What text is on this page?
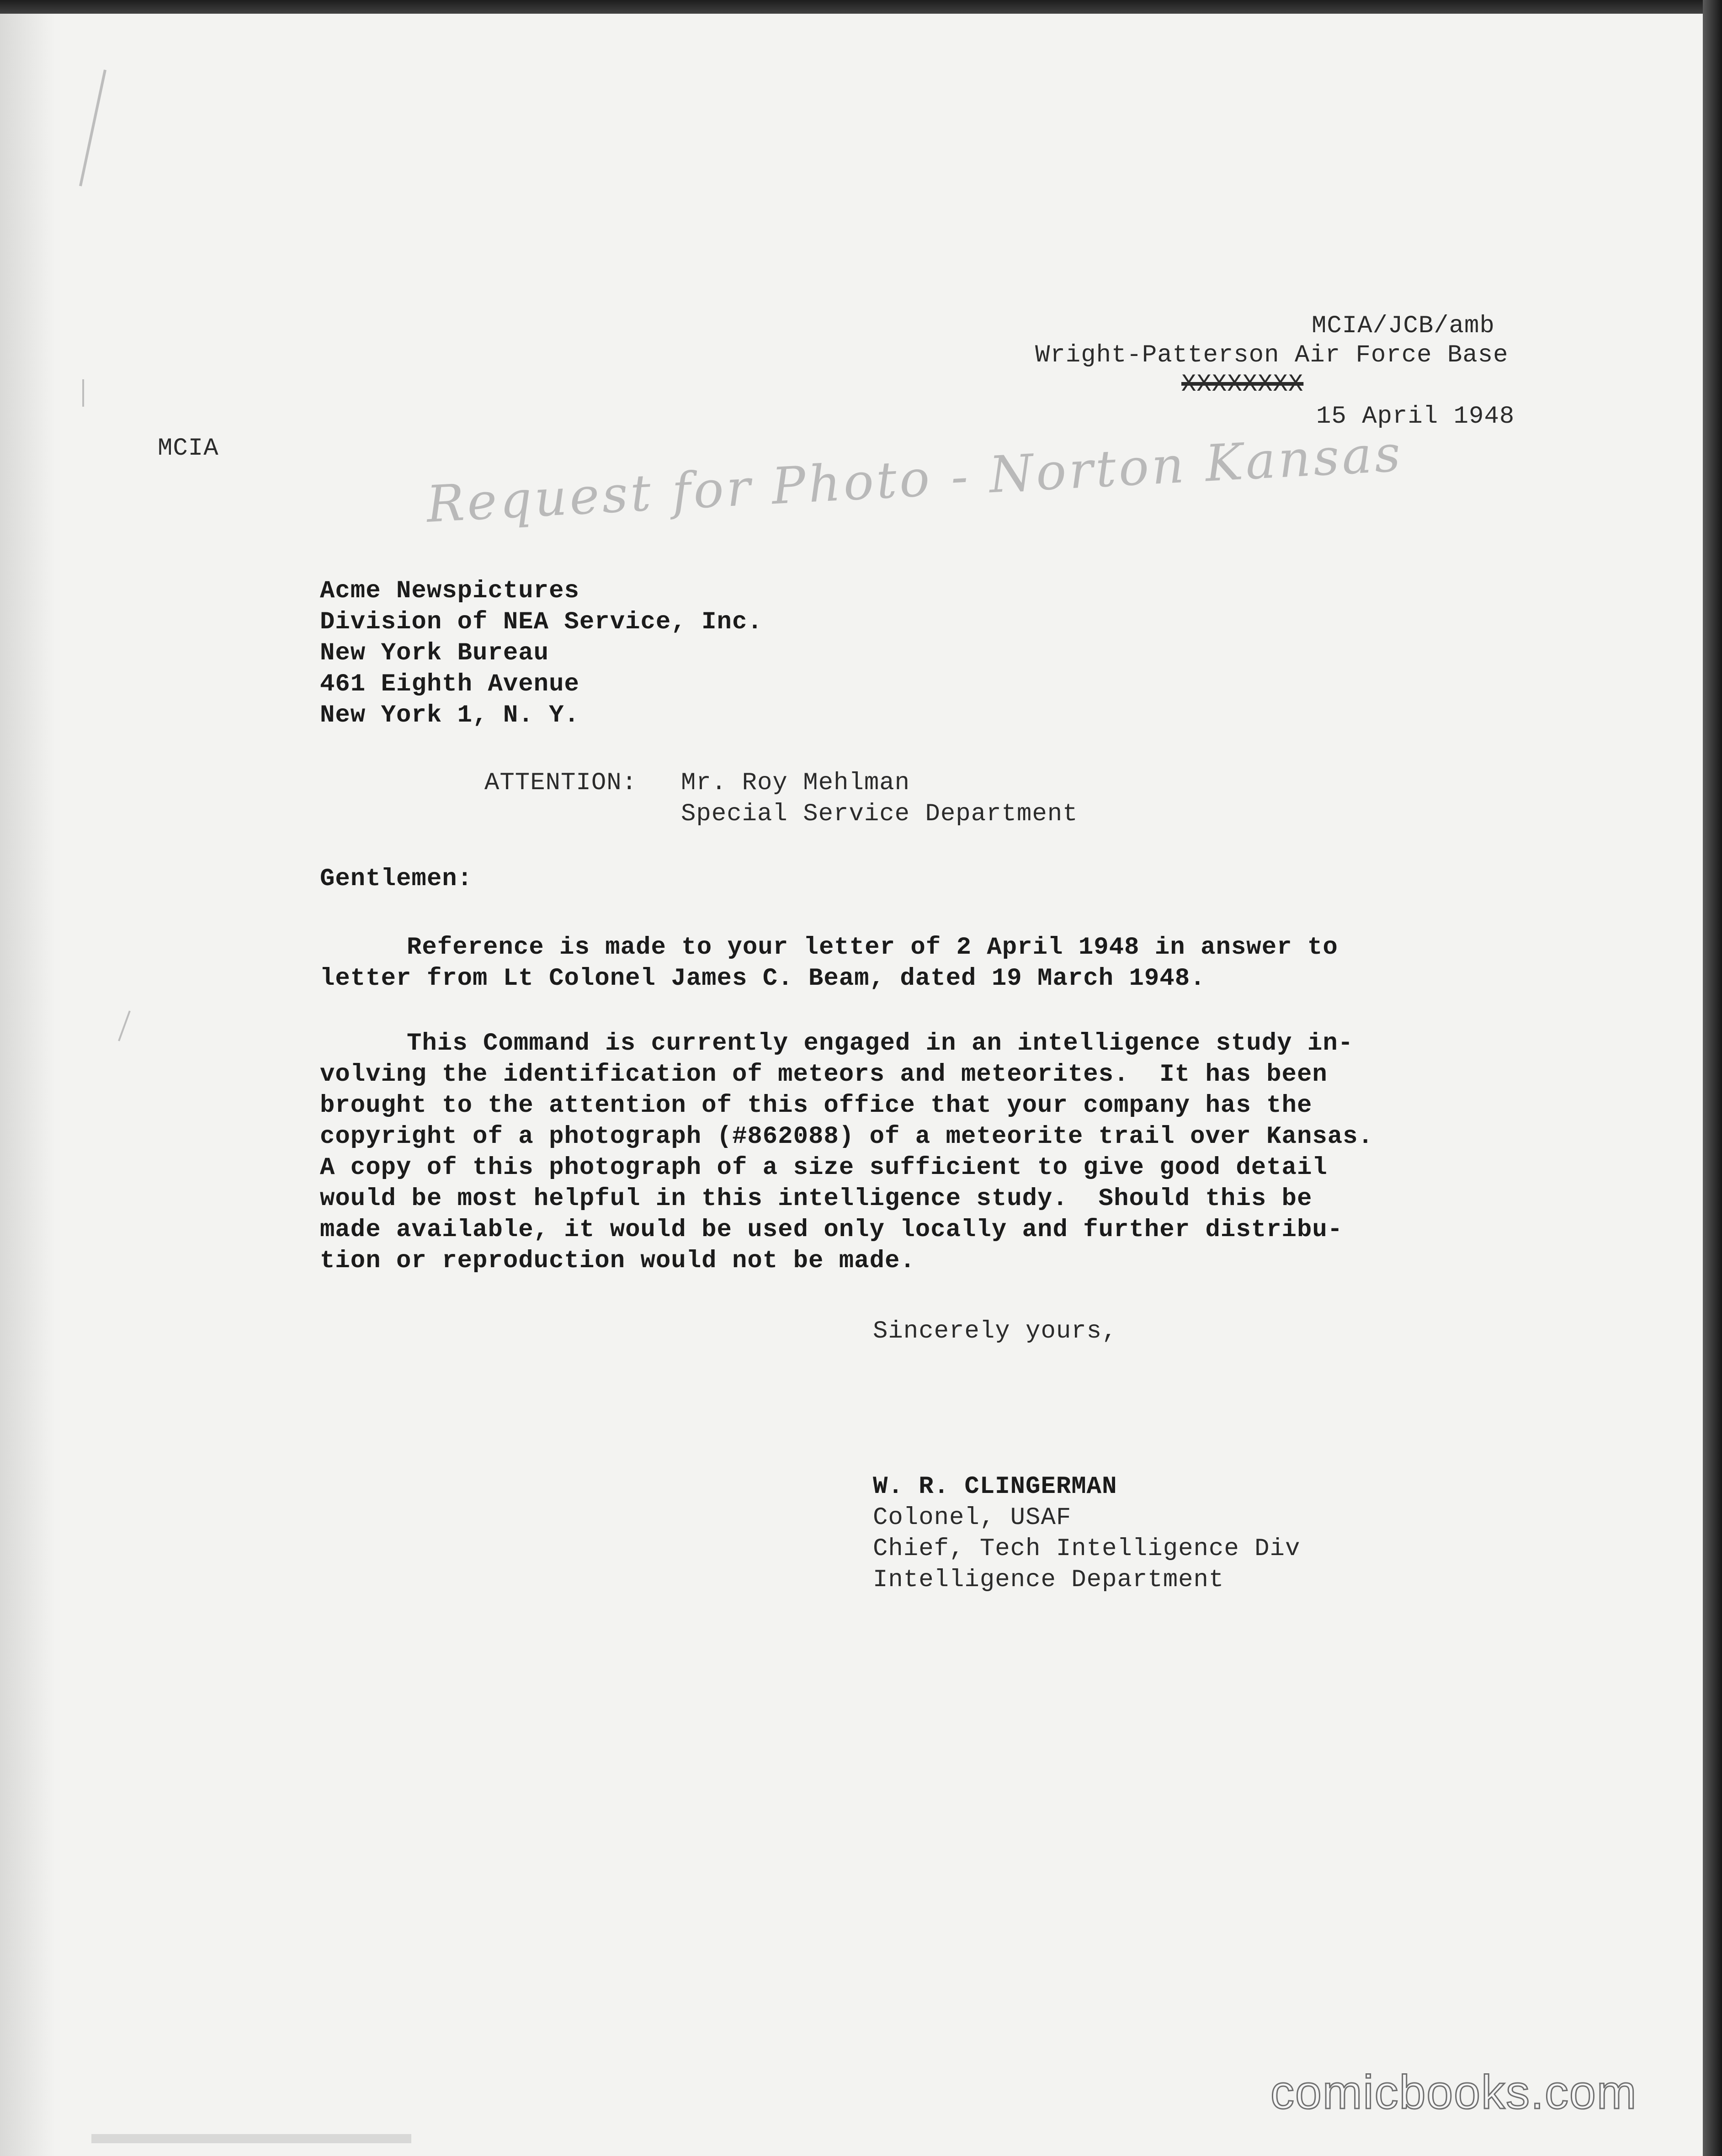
MCIA/JCB/amb
Wright-Patterson Air Force Base
XXXXXXXX
15 April 1948
MCIA	Request for Photo - Norton Kansas
Acme Newspictures
Division of NEA Service, Inc.
New York Bureau
461 Eighth Avenue
New York 1, N. Y.
ATTENTION: Mr. Roy Mehlman
Special Service Department
Gentlemen:
Reference is made to your letter of 2 April 1948 in answer to
letter from Lt Colonel James C. Beam, dated 19 March 1948.
This Command is currently engaged in an intelligence study in-
volving the identification of meteors and meteorites.  It has been
brought to the attention of this office that your company has the
copyright of a photograph (#862088) of a meteorite trail over Kansas.
A copy of this photograph of a size sufficient to give good detail
would be most helpful in this intelligence study.  Should this be
made available, it would be used only locally and further distribu-
tion or reproduction would not be made.
Sincerely yours,
W. R. CLINGERMAN
Colonel, USAF
Chief, Tech Intelligence Div
Intelligence Department
comicbooks.com
